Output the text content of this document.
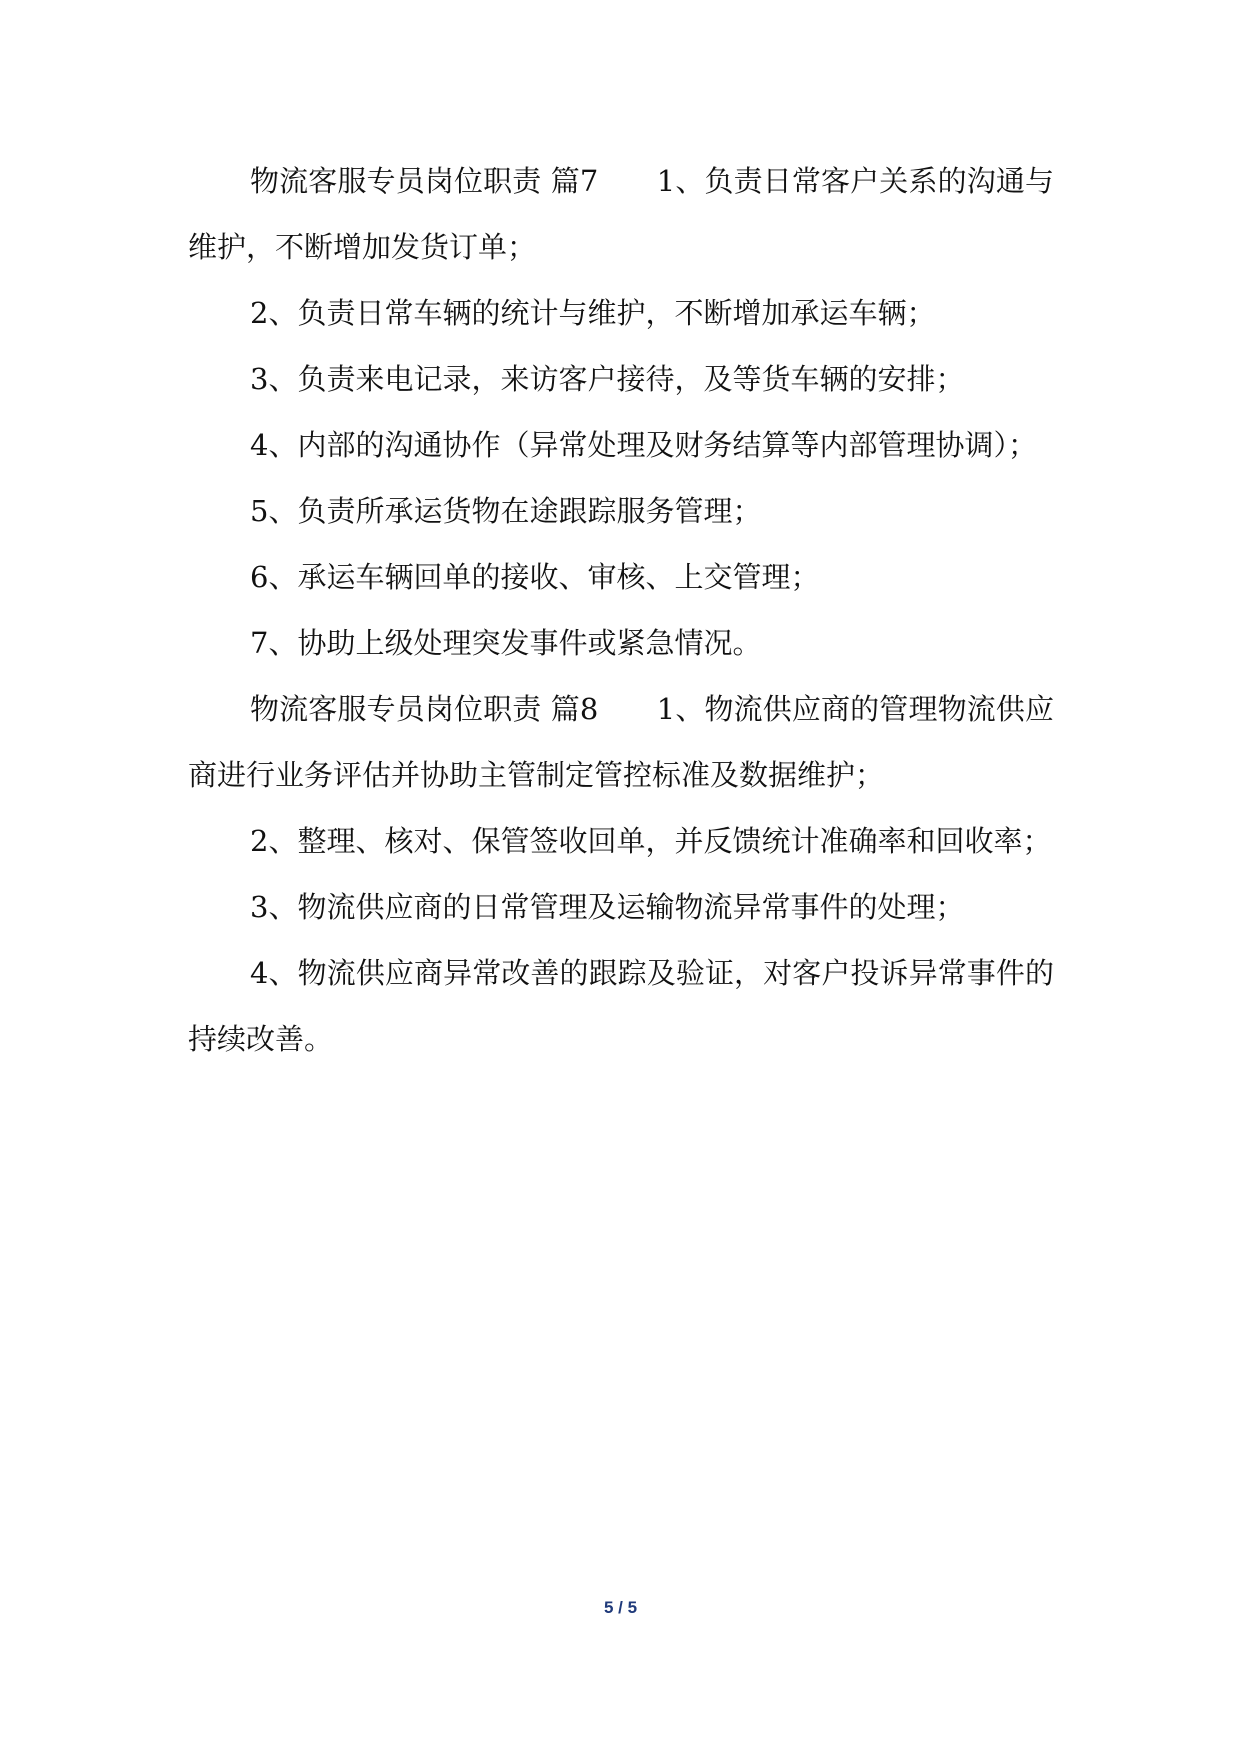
物流客服专员岗位职责 篇7　　1、负责日常客户关系的沟通与维护，不断增加发货订单；

2、负责日常车辆的统计与维护，不断增加承运车辆；

3、负责来电记录，来访客户接待，及等货车辆的安排；

4、内部的沟通协作（异常处理及财务结算等内部管理协调）；

5、负责所承运货物在途跟踪服务管理；

6、承运车辆回单的接收、审核、上交管理；

7、协助上级处理突发事件或紧急情况。

物流客服专员岗位职责 篇8　　1、物流供应商的管理物流供应商进行业务评估并协助主管制定管控标准及数据维护；

2、整理、核对、保管签收回单，并反馈统计准确率和回收率；

3、物流供应商的日常管理及运输物流异常事件的处理；

4、物流供应商异常改善的跟踪及验证，对客户投诉异常事件的持续改善。

5 / 5
